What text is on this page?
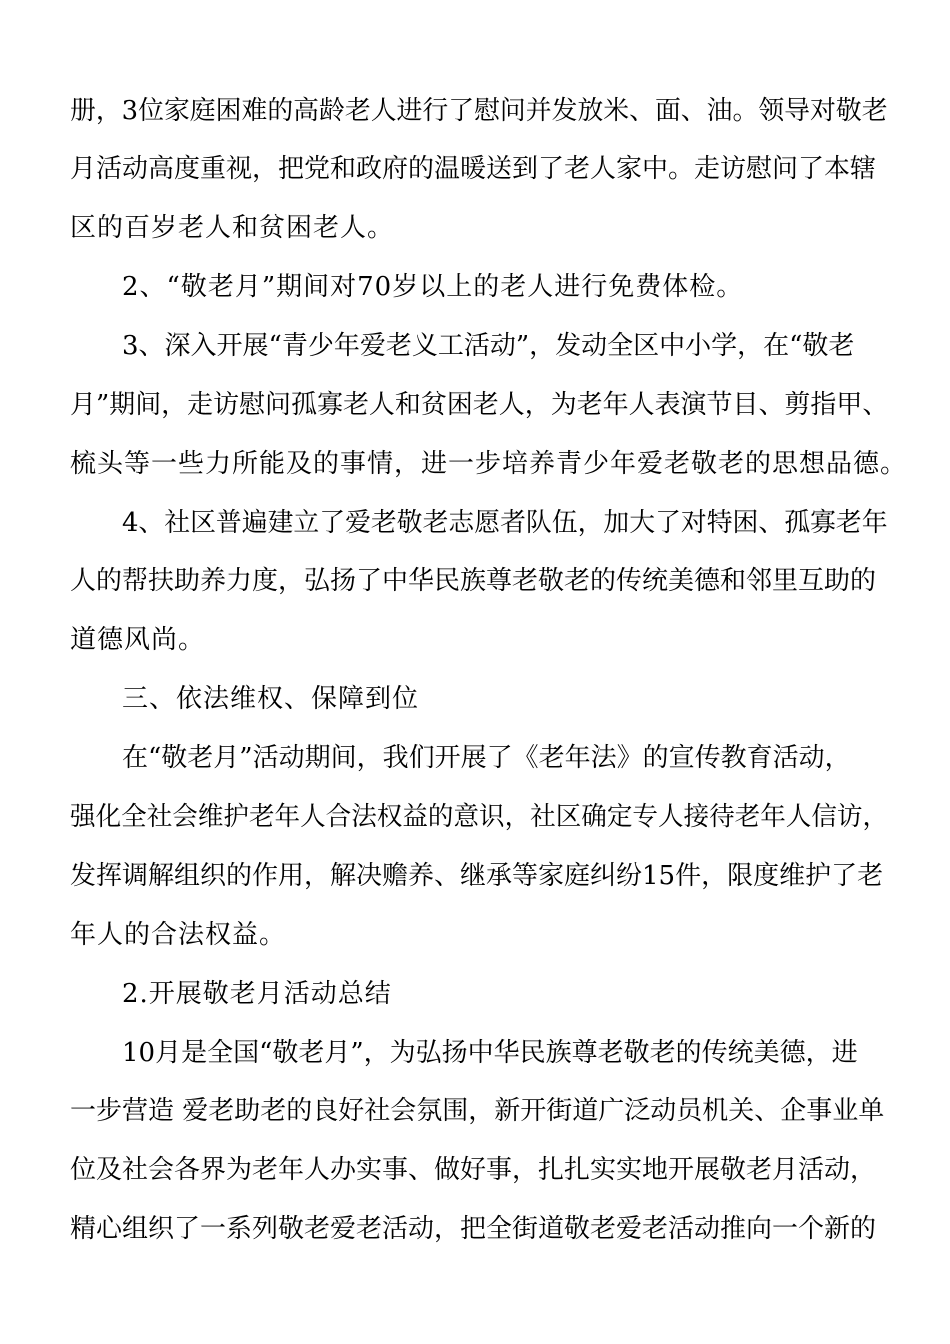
册，3位家庭困难的高龄老人进行了慰问并发放米、面、油。领导对敬老
月活动高度重视，把党和政府的温暖送到了老人家中。走访慰问了本辖
区的百岁老人和贫困老人。
2、“敬老月”期间对70岁以上的老人进行免费体检。
3、深入开展“青少年爱老义工活动”，发动全区中小学，在“敬老
月”期间，走访慰问孤寡老人和贫困老人，为老年人表演节目、剪指甲、
梳头等一些力所能及的事情，进一步培养青少年爱老敬老的思想品德。
4、社区普遍建立了爱老敬老志愿者队伍，加大了对特困、孤寡老年
人的帮扶助养力度，弘扬了中华民族尊老敬老的传统美德和邻里互助的
道德风尚。
三、依法维权、保障到位
在“敬老月”活动期间，我们开展了《老年法》的宣传教育活动，
强化全社会维护老年人合法权益的意识，社区确定专人接待老年人信访，
发挥调解组织的作用，解决赡养、继承等家庭纠纷15件，限度维护了老
年人的合法权益。
2.开展敬老月活动总结
10月是全国“敬老月”，为弘扬中华民族尊老敬老的传统美德，进
一步营造 爱老助老的良好社会氛围，新开街道广泛动员机关、企事业单
位及社会各界为老年人办实事、做好事，扎扎实实地开展敬老月活动，
精心组织了一系列敬老爱老活动，把全街道敬老爱老活动推向一个新的
